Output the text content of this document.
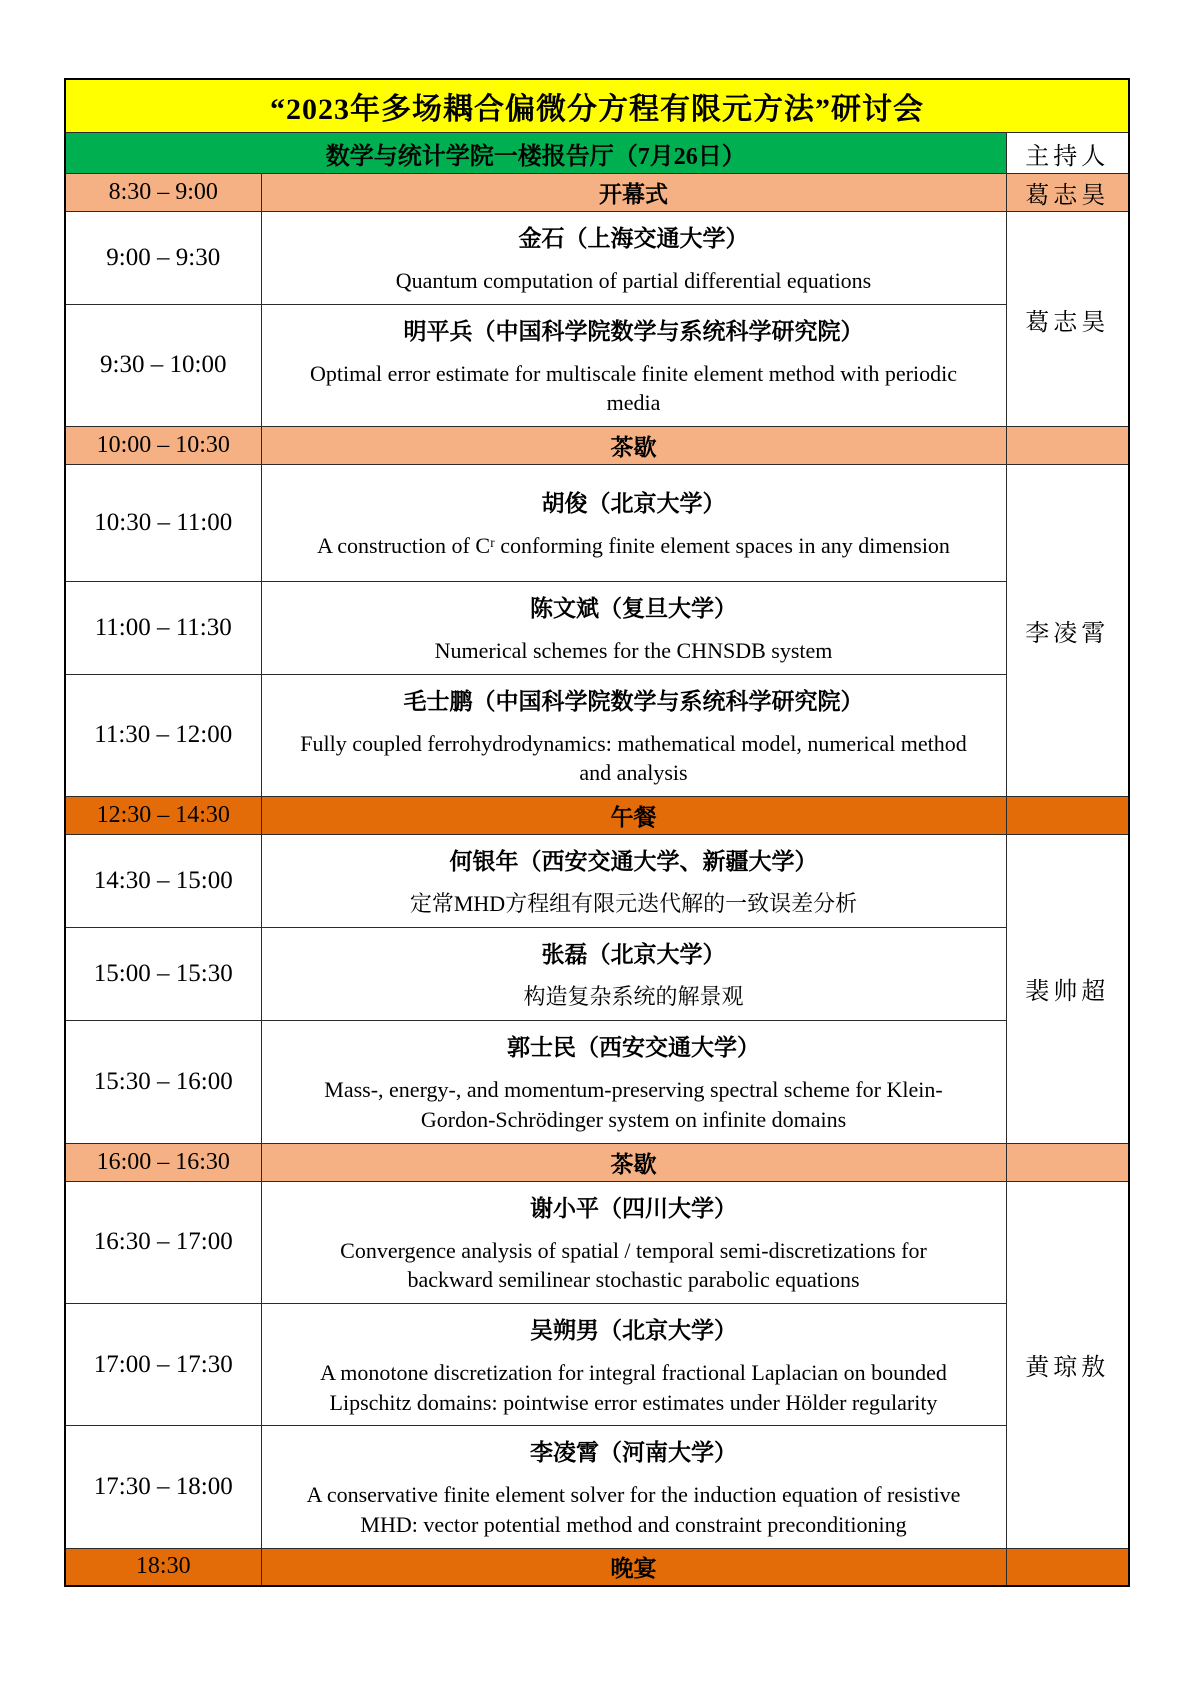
“2023年多场耦合偏微分方程有限元方法”研讨会		
数学与统计学院一楼报告厅（7月26日）		主持人
8:30 – 9:00	开幕式	葛志昊
9:00 – 9:30	金石（上海交通大学）
Quantum computation of partial differential equations	葛志昊
9:30 – 10:00	明平兵（中国科学院数学与系统科学研究院）
Optimal error estimate for multiscale finite element method with periodic media	

10:00 – 10:30	茶歇	
10:30 – 11:00	胡俊（北京大学）
A construction of Cʳ conforming finite element spaces in any dimension	李凌霄
11:00 – 11:30	陈文斌（复旦大学）
Numerical schemes for the CHNSDB system	

11:30 – 12:00	毛士鹏（中国科学院数学与系统科学研究院）
Fully coupled ferrohydrodynamics: mathematical model, numerical method and analysis	

12:30 – 14:30	午餐	
14:30 – 15:00	何银年（西安交通大学、新疆大学）
定常MHD方程组有限元迭代解的一致误差分析	裴帅超
15:00 – 15:30	张磊（北京大学）
构造复杂系统的解景观	

15:30 – 16:00	郭士民（西安交通大学）
Mass-, energy-, and momentum-preserving spectral scheme for Klein-Gordon-Schrödinger system on infinite domains	

16:00 – 16:30	茶歇	
16:30 – 17:00	谢小平（四川大学）
Convergence analysis of spatial / temporal semi-discretizations for backward semilinear stochastic parabolic equations	黄琼敖
17:00 – 17:30	吴朔男（北京大学）
A monotone discretization for integral fractional Laplacian on bounded Lipschitz domains: pointwise error estimates under Hölder regularity	

17:30 – 18:00	李凌霄（河南大学）
A conservative finite element solver for the induction equation of resistive MHD: vector potential method and constraint preconditioning	

18:30	晚宴	
